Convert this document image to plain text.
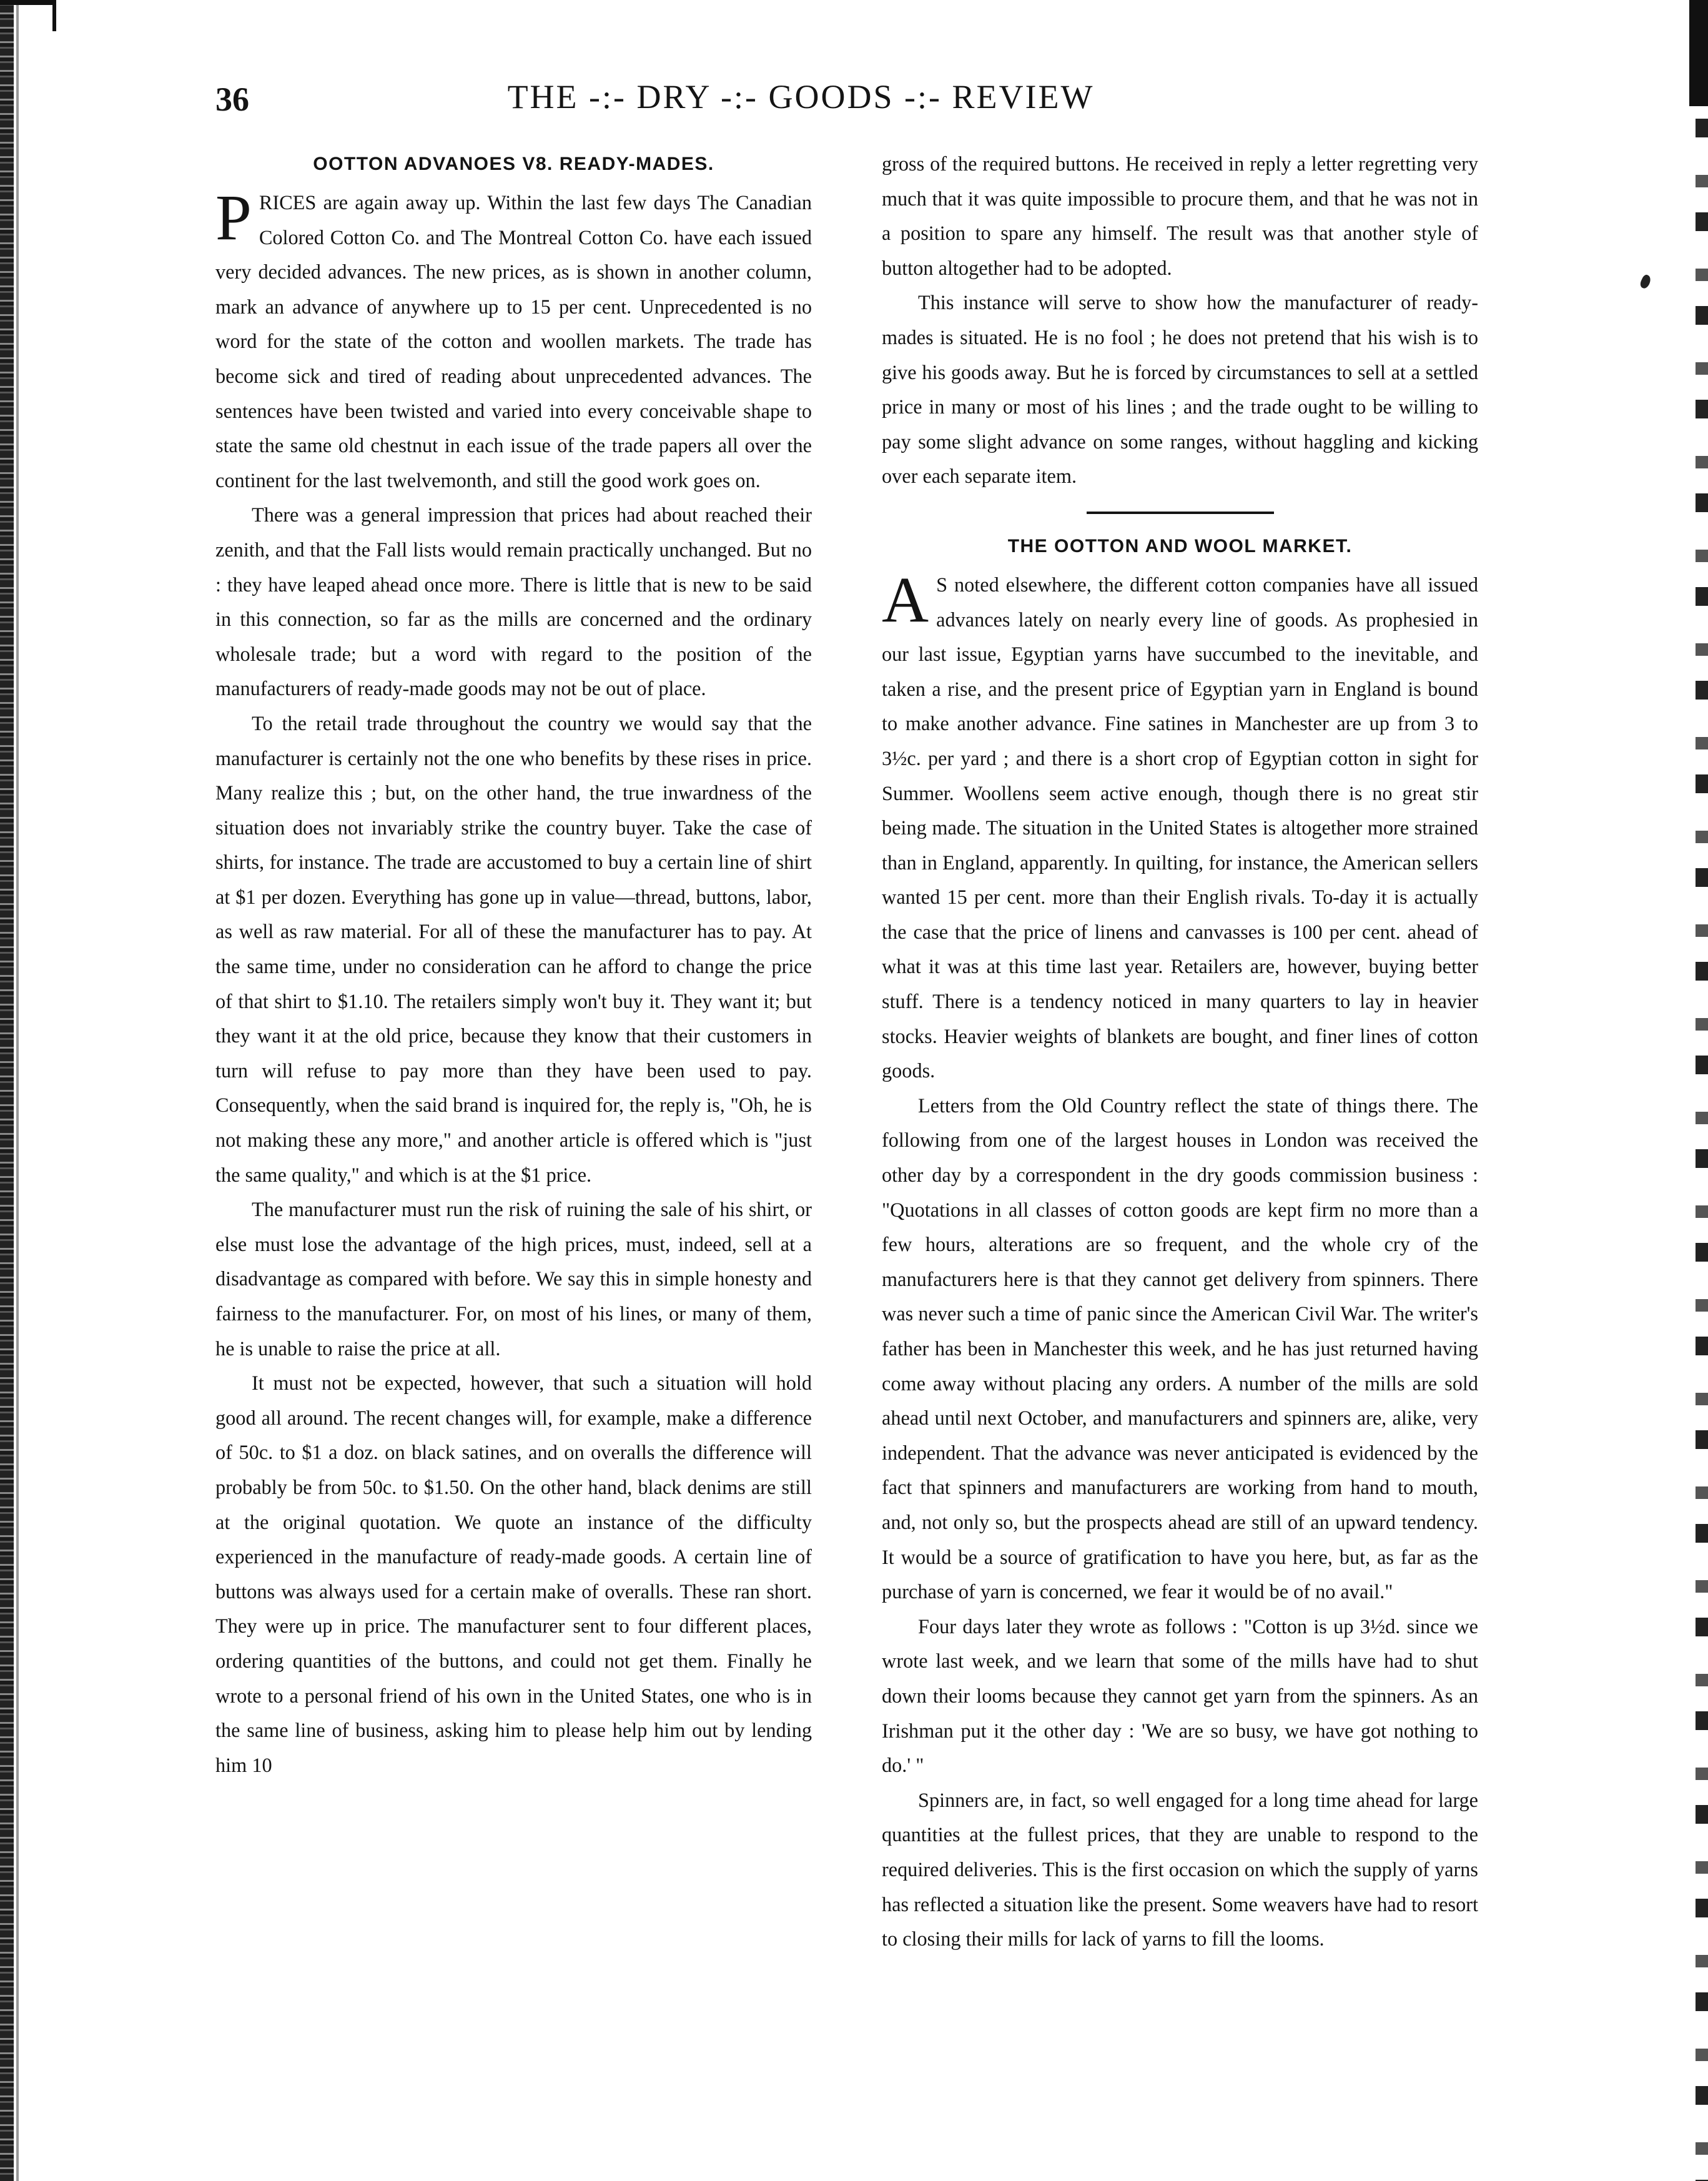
36	THE -:- DRY -:- GOODS -:- REVIEW
OOTTON ADVANOES V8. READY-MADES.

PRICES are again away up. Within the last few days The Canadian Colored Cotton Co. and The Montreal Cotton Co. have each issued very decided advances. The new prices, as is shown in another column, mark an advance of anywhere up to 15 per cent. Unprecedented is no word for the state of the cotton and woollen markets. The trade has become sick and tired of reading about unprecedented advances. The sentences have been twisted and varied into every conceivable shape to state the same old chestnut in each issue of the trade papers all over the continent for the last twelvemonth, and still the good work goes on.

There was a general impression that prices had about reached their zenith, and that the Fall lists would remain practically unchanged. But no : they have leaped ahead once more. There is little that is new to be said in this connection, so far as the mills are concerned and the ordinary wholesale trade; but a word with regard to the position of the manufacturers of ready-made goods may not be out of place.

To the retail trade throughout the country we would say that the manufacturer is certainly not the one who benefits by these rises in price. Many realize this ; but, on the other hand, the true inwardness of the situation does not invariably strike the country buyer. Take the case of shirts, for instance. The trade are accustomed to buy a certain line of shirt at $1 per dozen. Everything has gone up in value—thread, buttons, labor, as well as raw material. For all of these the manufacturer has to pay. At the same time, under no consideration can he afford to change the price of that shirt to $1.10. The retailers simply won't buy it. They want it; but they want it at the old price, because they know that their customers in turn will refuse to pay more than they have been used to pay. Consequently, when the said brand is inquired for, the reply is, "Oh, he is not making these any more," and another article is offered which is "just the same quality," and which is at the $1 price.

The manufacturer must run the risk of ruining the sale of his shirt, or else must lose the advantage of the high prices, must, indeed, sell at a disadvantage as compared with before. We say this in simple honesty and fairness to the manufacturer. For, on most of his lines, or many of them, he is unable to raise the price at all.

It must not be expected, however, that such a situation will hold good all around. The recent changes will, for example, make a difference of 50c. to $1 a doz. on black satines, and on overalls the difference will probably be from 50c. to $1.50. On the other hand, black denims are still at the original quotation. We quote an instance of the difficulty experienced in the manufacture of ready-made goods. A certain line of buttons was always used for a certain make of overalls. These ran short. They were up in price. The manufacturer sent to four different places, ordering quantities of the buttons, and could not get them. Finally he wrote to a personal friend of his own in the United States, one who is in the same line of business, asking him to please help him out by lending him 10

gross of the required buttons. He received in reply a letter regretting very much that it was quite impossible to procure them, and that he was not in a position to spare any himself. The result was that another style of button altogether had to be adopted.

This instance will serve to show how the manufacturer of ready-mades is situated. He is no fool ; he does not pretend that his wish is to give his goods away. But he is forced by circumstances to sell at a settled price in many or most of his lines ; and the trade ought to be willing to pay some slight advance on some ranges, without haggling and kicking over each separate item.

THE OOTTON AND WOOL MARKET.

A S noted elsewhere, the different cotton companies have all issued advances lately on nearly every line of goods. As prophesied in our last issue, Egyptian yarns have succumbed to the inevitable, and taken a rise, and the present price of Egyptian yarn in England is bound to make another advance. Fine satines in Manchester are up from 3 to 3½c. per yard ; and there is a short crop of Egyptian cotton in sight for Summer. Woollens seem active enough, though there is no great stir being made. The situation in the United States is altogether more strained than in England, apparently. In quilting, for instance, the American sellers wanted 15 per cent. more than their English rivals. To-day it is actually the case that the price of linens and canvasses is 100 per cent. ahead of what it was at this time last year. Retailers are, however, buying better stuff. There is a tendency noticed in many quarters to lay in heavier stocks. Heavier weights of blankets are bought, and finer lines of cotton goods.

Letters from the Old Country reflect the state of things there. The following from one of the largest houses in London was received the other day by a correspondent in the dry goods commission business : "Quotations in all classes of cotton goods are kept firm no more than a few hours, alterations are so frequent, and the whole cry of the manufacturers here is that they cannot get delivery from spinners. There was never such a time of panic since the American Civil War. The writer's father has been in Manchester this week, and he has just returned having come away without placing any orders. A number of the mills are sold ahead until next October, and manufacturers and spinners are, alike, very independent. That the advance was never anticipated is evidenced by the fact that spinners and manufacturers are working from hand to mouth, and, not only so, but the prospects ahead are still of an upward tendency. It would be a source of gratification to have you here, but, as far as the purchase of yarn is concerned, we fear it would be of no avail."

Four days later they wrote as follows : "Cotton is up 3½d. since we wrote last week, and we learn that some of the mills have had to shut down their looms because they cannot get yarn from the spinners. As an Irishman put it the other day : 'We are so busy, we have got nothing to do.' "

Spinners are, in fact, so well engaged for a long time ahead for large quantities at the fullest prices, that they are unable to respond to the required deliveries. This is the first occasion on which the supply of yarns has reflected a situation like the present. Some weavers have had to resort to closing their mills for lack of yarns to fill the looms.
